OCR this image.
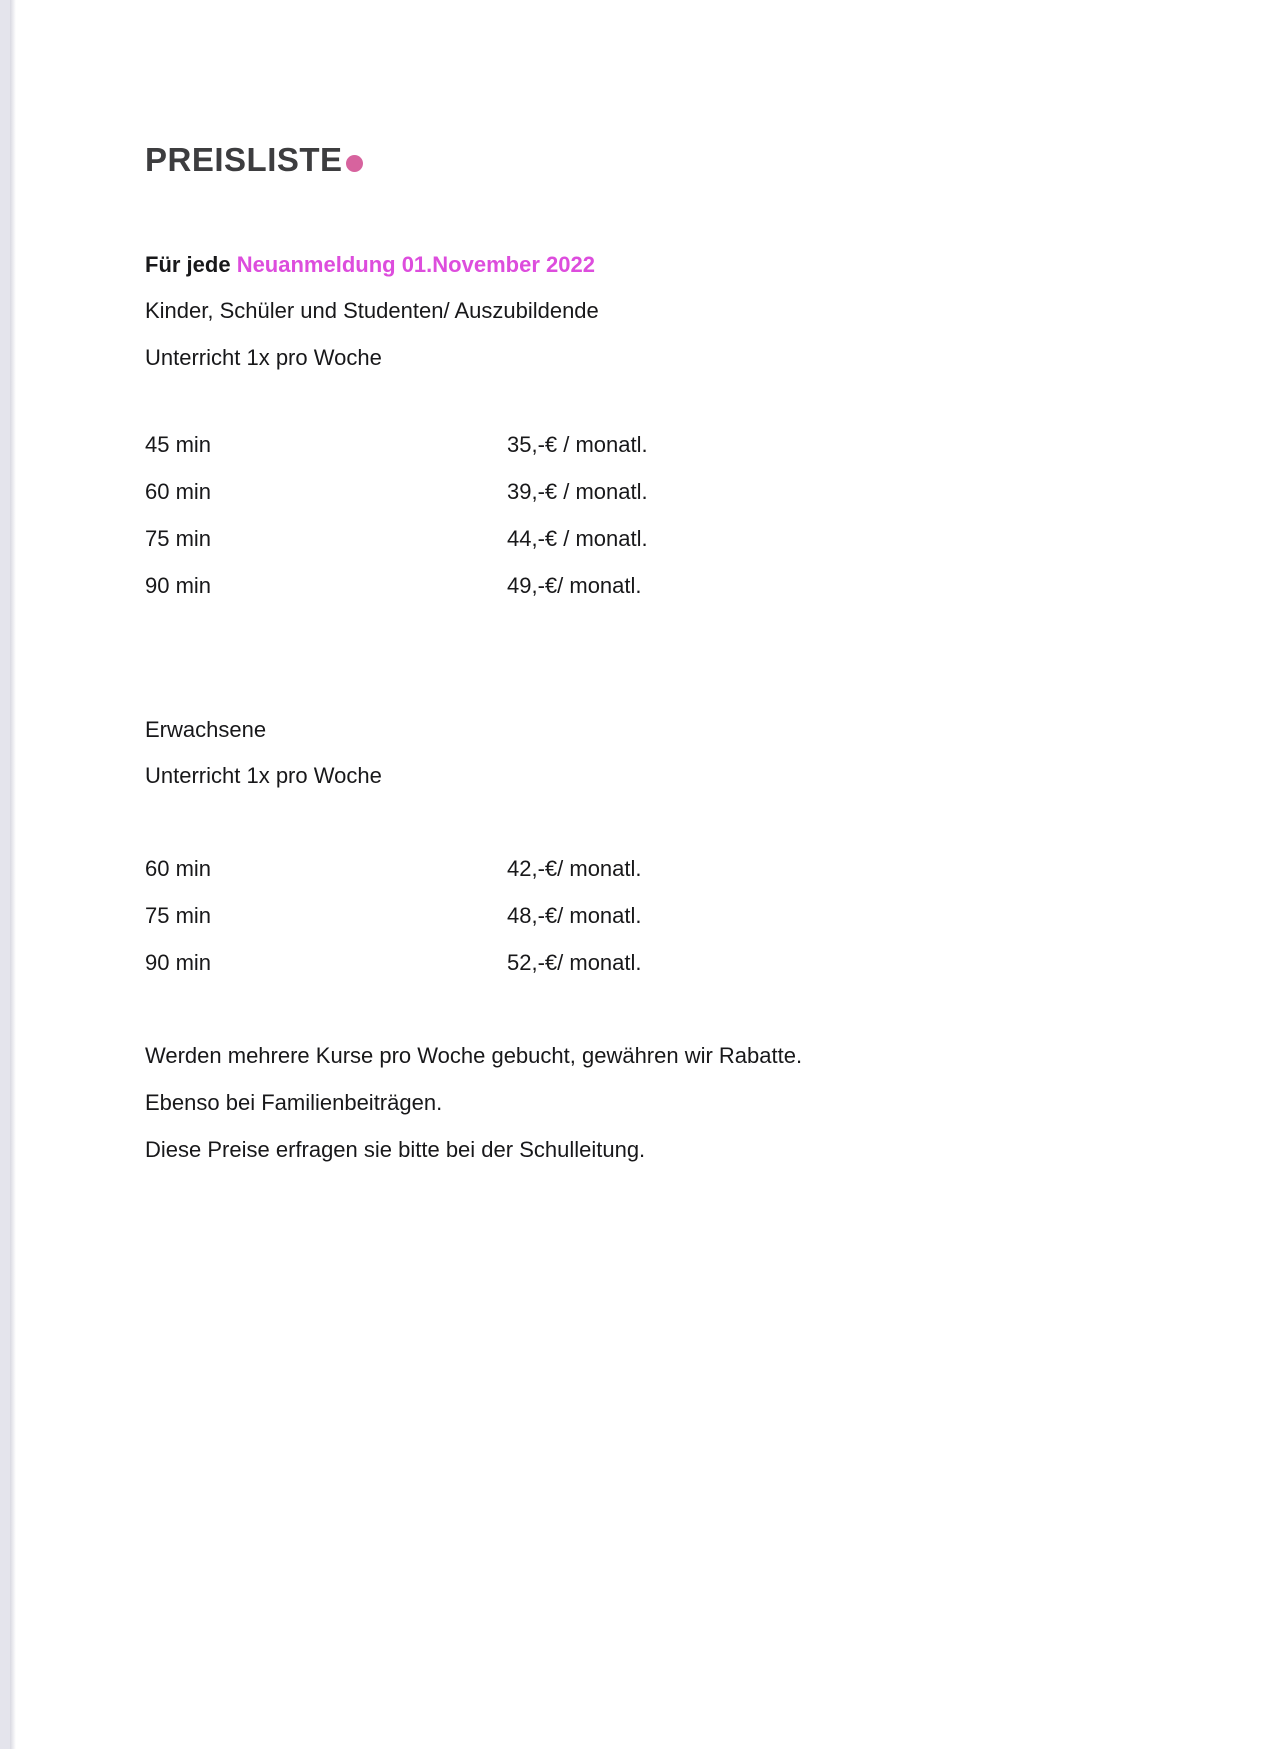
PREISLISTE
Für jede Neuanmeldung 01.November 2022
Kinder, Schüler und Studenten/ Auszubildende
Unterricht 1x pro Woche
45 min	35,-€ / monatl.
60 min	39,-€ / monatl.
75 min	44,-€ / monatl.
90 min	49,-€/ monatl.
Erwachsene
Unterricht 1x pro Woche
60 min	42,-€/ monatl.
75 min	48,-€/ monatl.
90 min	52,-€/ monatl.
Werden mehrere Kurse pro Woche gebucht, gewähren wir Rabatte.
Ebenso bei Familienbeiträgen.
Diese Preise erfragen sie bitte bei der Schulleitung.
